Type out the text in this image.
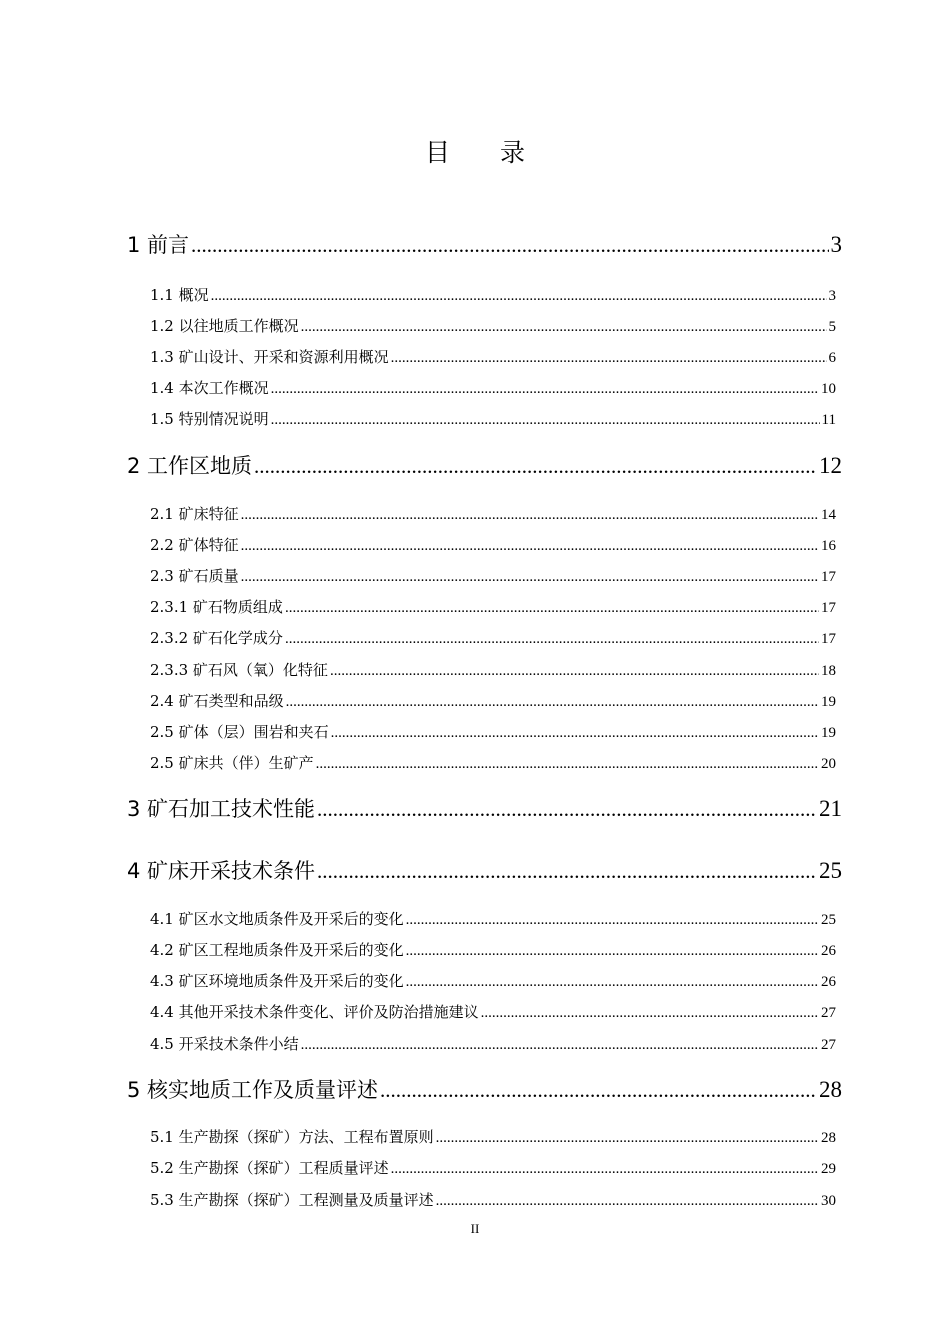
目 录
1 前言 .....	3
1.1 概况 .....	3
1.2 以往地质工作概况 .....	5
1.3 矿山设计、开采和资源利用概况 .....	6
1.4 本次工作概况 .....	10
1.5 特别情况说明 .....	11
2 工作区地质 .....	12
2.1 矿床特征 .....	14
2.2 矿体特征 .....	16
2.3 矿石质量 .....	17
2.3.1 矿石物质组成 .....	17
2.3.2 矿石化学成分 .....	17
2.3.3 矿石风（氧）化特征 .....	18
2.4 矿石类型和品级 .....	19
2.5 矿体（层）围岩和夹石 .....	19
2.5 矿床共（伴）生矿产 .....	20
3 矿石加工技术性能 .....	21
4 矿床开采技术条件 .....	25
4.1 矿区水文地质条件及开采后的变化 .....	25
4.2 矿区工程地质条件及开采后的变化 .....	26
4.3 矿区环境地质条件及开采后的变化 .....	26
4.4 其他开采技术条件变化、评价及防治措施建议 .....	27
4.5 开采技术条件小结 .....	27
5 核实地质工作及质量评述 .....	28
5.1 生产勘探（探矿）方法、工程布置原则 .....	28
5.2 生产勘探（探矿）工程质量评述 .....	29
5.3 生产勘探（探矿）工程测量及质量评述 .....	30
II
